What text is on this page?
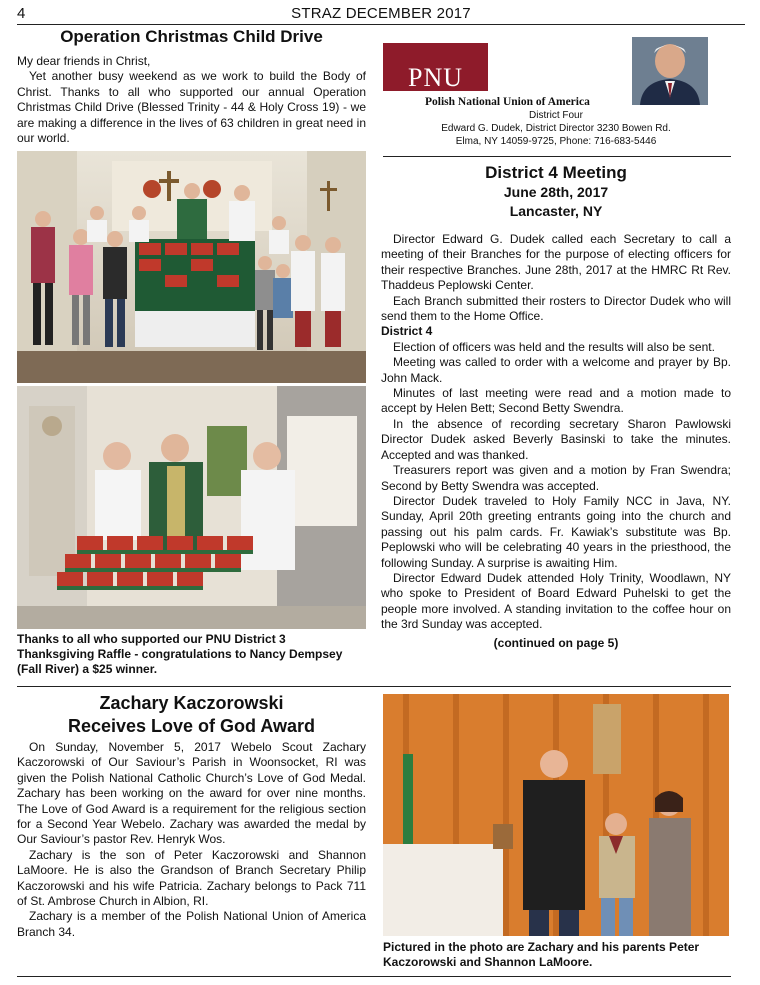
4	STRAZ DECEMBER 2017
Operation Christmas Child Drive

My dear friends in Christ,

Yet another busy weekend as we work to build the Body of Christ. Thanks to all who supported our annual Operation Christmas Child Drive (Blessed Trinity - 44 & Holy Cross 19) - we are making a difference in the lives of 63 children in great need in our world.

Thanks to all who supported our PNU District 3 Thanksgiving Raffle - congratulations to Nancy Dempsey (Fall River) a $25 winner.

PNU
Polish National Union of America
District Four
Edward G. Dudek, District Director 3230 Bowen Rd.
Elma, NY 14059-9725, Phone: 716-683-5446
District 4 Meeting
June 28th, 2017
Lancaster, NY

Director Edward G. Dudek called each Secretary to call a meeting of their Branches for the purpose of electing officers for their respective Branches. June 28th, 2017 at the HMRC Rt Rev. Thaddeus Peplowski Center.

Each Branch submitted their rosters to Director Dudek who will send them to the Home Office.

District 4

Election of officers was held and the results will also be sent.

Meeting was called to order with a welcome and prayer by Bp. John Mack.

Minutes of last meeting were read and a motion made to accept by Helen Bett; Second Betty Swendra.

In the absence of recording secretary Sharon Pawlowski Director Dudek asked Beverly Basinski to take the minutes. Accepted and was thanked.

Treasurers report was given and a motion by Fran Swendra; Second by Betty Swendra was accepted.

Director Dudek traveled to Holy Family NCC in Java, NY. Sunday, April 20th greeting entrants going into the church and passing out his palm cards. Fr. Kawiak’s substitute was Bp. Peplowski who will be celebrating 40 years in the priesthood, the following Sunday. A surprise is awaiting Him.

Director Edward Dudek attended Holy Trinity, Woodlawn, NY who spoke to President of Board Edward Puhelski to get the people more involved. A standing invitation to the coffee hour on the 3rd Sunday was accepted.

(continued on page 5)

Zachary Kaczorowski
Receives Love of God Award

On Sunday, November 5, 2017 Webelo Scout Zachary Kaczorowski of Our Saviour’s Parish in Woonsocket, RI was given the Polish National Catholic Church’s Love of God Medal. Zachary has been working on the award for over nine months. The Love of God Award is a requirement for the religious section for a Second Year Webelo. Zachary was awarded the medal by Our Saviour’s pastor Rev. Henryk Wos.

Zachary is the son of Peter Kaczorowski and Shannon LaMoore. He is also the Grandson of Branch Secretary Philip Kaczorowski and his wife Patricia. Zachary belongs to Pack 711 of St. Ambrose Church in Albion, RI.

Zachary is a member of the Polish National Union of America Branch 34.

Pictured in the photo are Zachary and his parents Peter Kaczorowski and Shannon LaMoore.
